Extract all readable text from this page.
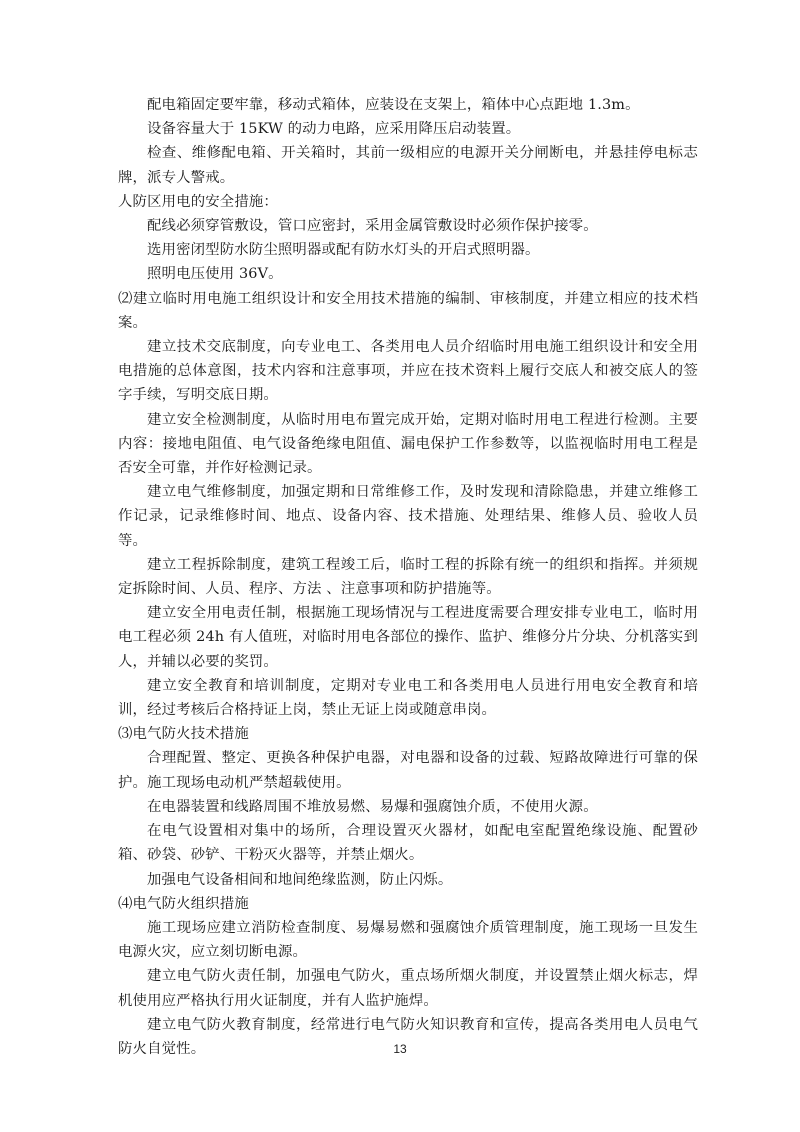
配电箱固定要牢靠，移动式箱体，应装设在支架上，箱体中心点距地 1.3m。

设备容量大于 15KW 的动力电路，应采用降压启动装置。

检查、维修配电箱、开关箱时，其前一级相应的电源开关分闸断电，并悬挂停电标志牌，派专人警戒。

人防区用电的安全措施：

配线必须穿管敷设，管口应密封，采用金属管敷设时必须作保护接零。

选用密闭型防水防尘照明器或配有防水灯头的开启式照明器。

照明电压使用 36V。

⑵建立临时用电施工组织设计和安全用技术措施的编制、审核制度，并建立相应的技术档案。

建立技术交底制度，向专业电工、各类用电人员介绍临时用电施工组织设计和安全用电措施的总体意图，技术内容和注意事项，并应在技术资料上履行交底人和被交底人的签字手续，写明交底日期。

建立安全检测制度，从临时用电布置完成开始，定期对临时用电工程进行检测。主要内容：接地电阻值、电气设备绝缘电阻值、漏电保护工作参数等，以监视临时用电工程是否安全可靠，并作好检测记录。

建立电气维修制度，加强定期和日常维修工作，及时发现和清除隐患，并建立维修工作记录，记录维修时间、地点、设备内容、技术措施、处理结果、维修人员、验收人员等。

建立工程拆除制度，建筑工程竣工后，临时工程的拆除有统一的组织和指挥。并须规定拆除时间、人员、程序、方法 、注意事项和防护措施等。

建立安全用电责任制，根据施工现场情况与工程进度需要合理安排专业电工，临时用电工程必须 24h 有人值班，对临时用电各部位的操作、监护、维修分片分块、分机落实到人，并辅以必要的奖罚。

建立安全教育和培训制度，定期对专业电工和各类用电人员进行用电安全教育和培训，经过考核后合格持证上岗，禁止无证上岗或随意串岗。

⑶电气防火技术措施

合理配置、整定、更换各种保护电器，对电器和设备的过载、短路故障进行可靠的保护。施工现场电动机严禁超载使用。

在电器装置和线路周围不堆放易燃、易爆和强腐蚀介质，不使用火源。

在电气设置相对集中的场所，合理设置灭火器材，如配电室配置绝缘设施、配置砂箱、砂袋、砂铲、干粉灭火器等，并禁止烟火。

加强电气设备相间和地间绝缘监测，防止闪烁。

⑷电气防火组织措施

施工现场应建立消防检查制度、易爆易燃和强腐蚀介质管理制度，施工现场一旦发生电源火灾，应立刻切断电源。

建立电气防火责任制，加强电气防火，重点场所烟火制度，并设置禁止烟火标志，焊机使用应严格执行用火证制度，并有人监护施焊。

建立电气防火教育制度，经常进行电气防火知识教育和宣传，提高各类用电人员电气防火自觉性。	13
